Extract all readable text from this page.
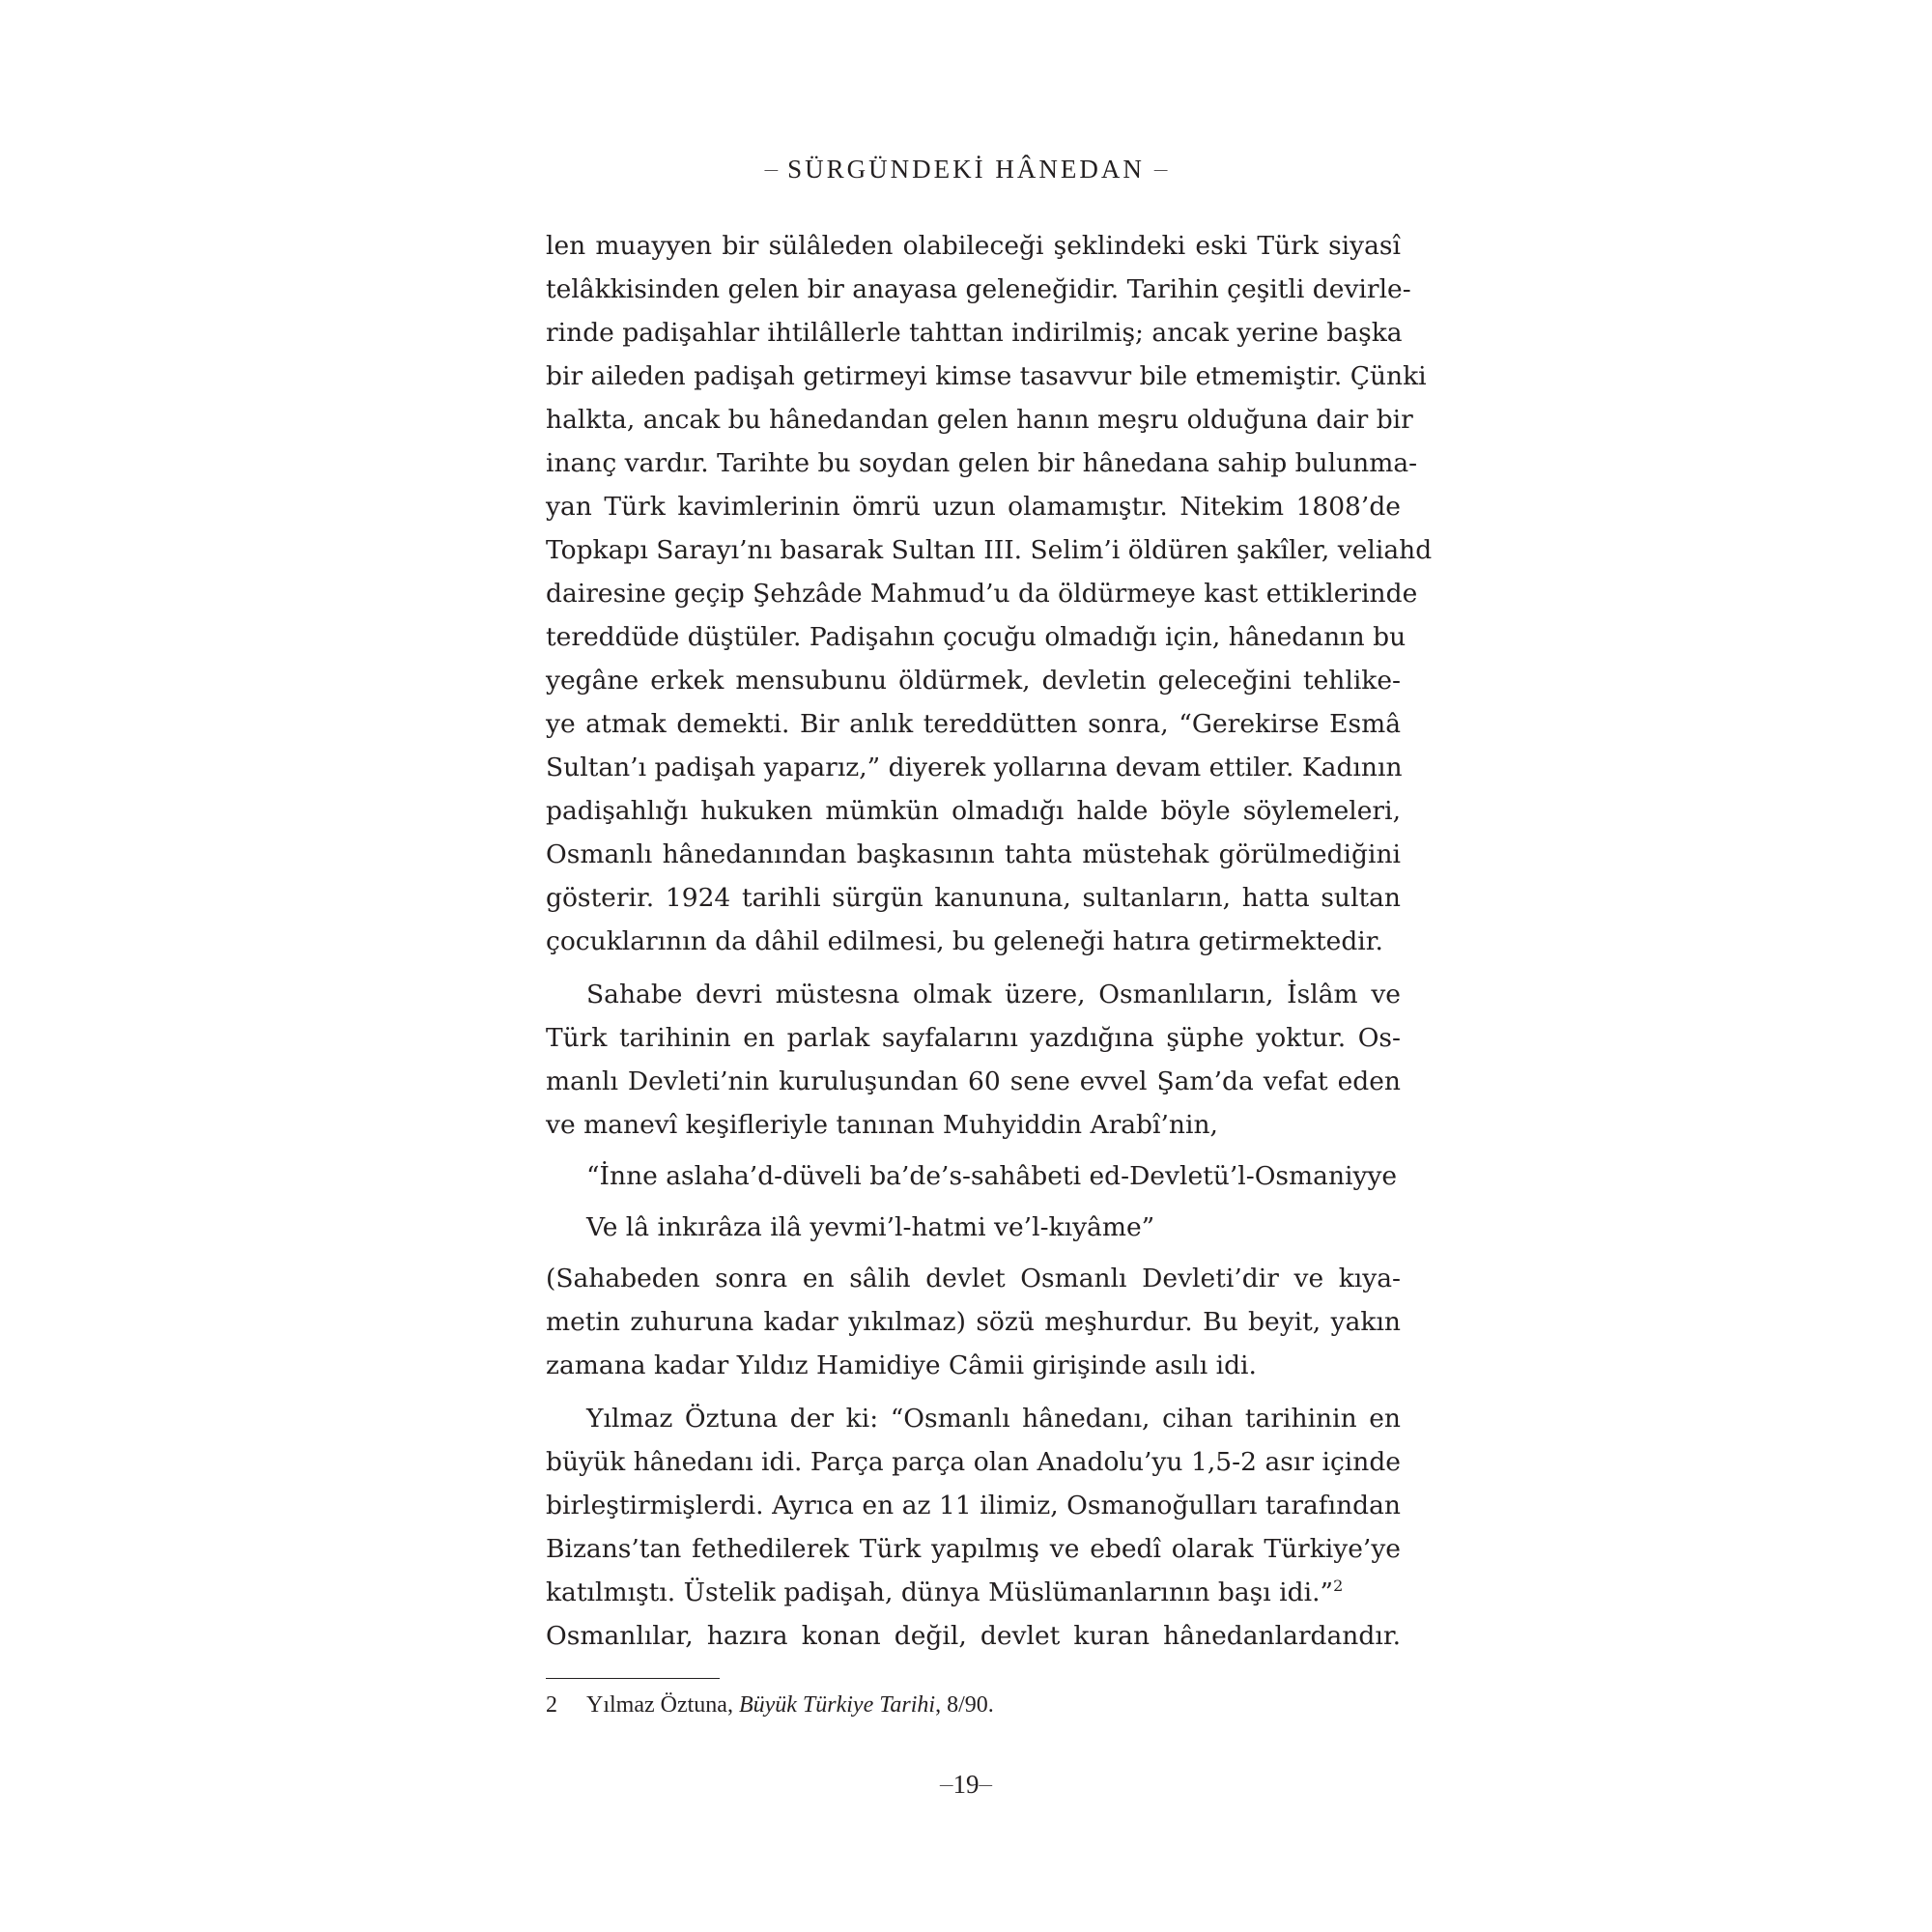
– SÜRGÜNDEKİ HÂNEDAN –
len muayyen bir sülâleden olabileceği şeklindeki eski Türk siyasî
telâkkisinden gelen bir anayasa geleneğidir. Tarihin çeşitli devirle-
rinde padişahlar ihtilâllerle tahttan indirilmiş; ancak yerine başka
bir aileden padişah getirmeyi kimse tasavvur bile etmemiştir. Çünki
halkta, ancak bu hânedandan gelen hanın meşru olduğuna dair bir
inanç vardır. Tarihte bu soydan gelen bir hânedana sahip bulunma-
yan Türk kavimlerinin ömrü uzun olamamıştır. Nitekim 1808’de
Topkapı Sarayı’nı basarak Sultan III. Selim’i öldüren şakîler, veliahd
dairesine geçip Şehzâde Mahmud’u da öldürmeye kast ettiklerinde
tereddüde düştüler. Padişahın çocuğu olmadığı için, hânedanın bu
yegâne erkek mensubunu öldürmek, devletin geleceğini tehlike-
ye atmak demekti. Bir anlık tereddütten sonra, “Gerekirse Esmâ
Sultan’ı padişah yaparız,” diyerek yollarına devam ettiler. Kadının
padişahlığı hukuken mümkün olmadığı halde böyle söylemeleri,
Osmanlı hânedanından başkasının tahta müstehak görülmediğini
gösterir. 1924 tarihli sürgün kanununa, sultanların, hatta sultan
çocuklarının da dâhil edilmesi, bu geleneği hatıra getirmektedir.
Sahabe devri müstesna olmak üzere, Osmanlıların, İslâm ve
Türk tarihinin en parlak sayfalarını yazdığına şüphe yoktur. Os-
manlı Devleti’nin kuruluşundan 60 sene evvel Şam’da vefat eden
ve manevî keşifleriyle tanınan Muhyiddin Arabî’nin,
“İnne aslaha’d-düveli ba’de’s-sahâbeti ed-Devletü’l-Osmaniyye
Ve lâ inkırâza ilâ yevmi’l-hatmi ve’l-kıyâme”
(Sahabeden sonra en sâlih devlet Osmanlı Devleti’dir ve kıya-
metin zuhuruna kadar yıkılmaz) sözü meşhurdur. Bu beyit, yakın
zamana kadar Yıldız Hamidiye Câmii girişinde asılı idi.
Yılmaz Öztuna der ki: “Osmanlı hânedanı, cihan tarihinin en
büyük hânedanı idi. Parça parça olan Anadolu’yu 1,5-2 asır içinde
birleştirmişlerdi. Ayrıca en az 11 ilimiz, Osmanoğulları tarafından
Bizans’tan fethedilerek Türk yapılmış ve ebedî olarak Türkiye’ye
katılmıştı. Üstelik padişah, dünya Müslümanlarının başı idi.”$^2$
Osmanlılar, hazıra konan değil, devlet kuran hânedanlardandır.
2 Yılmaz Öztuna, Büyük Türkiye Tarihi, 8/90.
–19–
